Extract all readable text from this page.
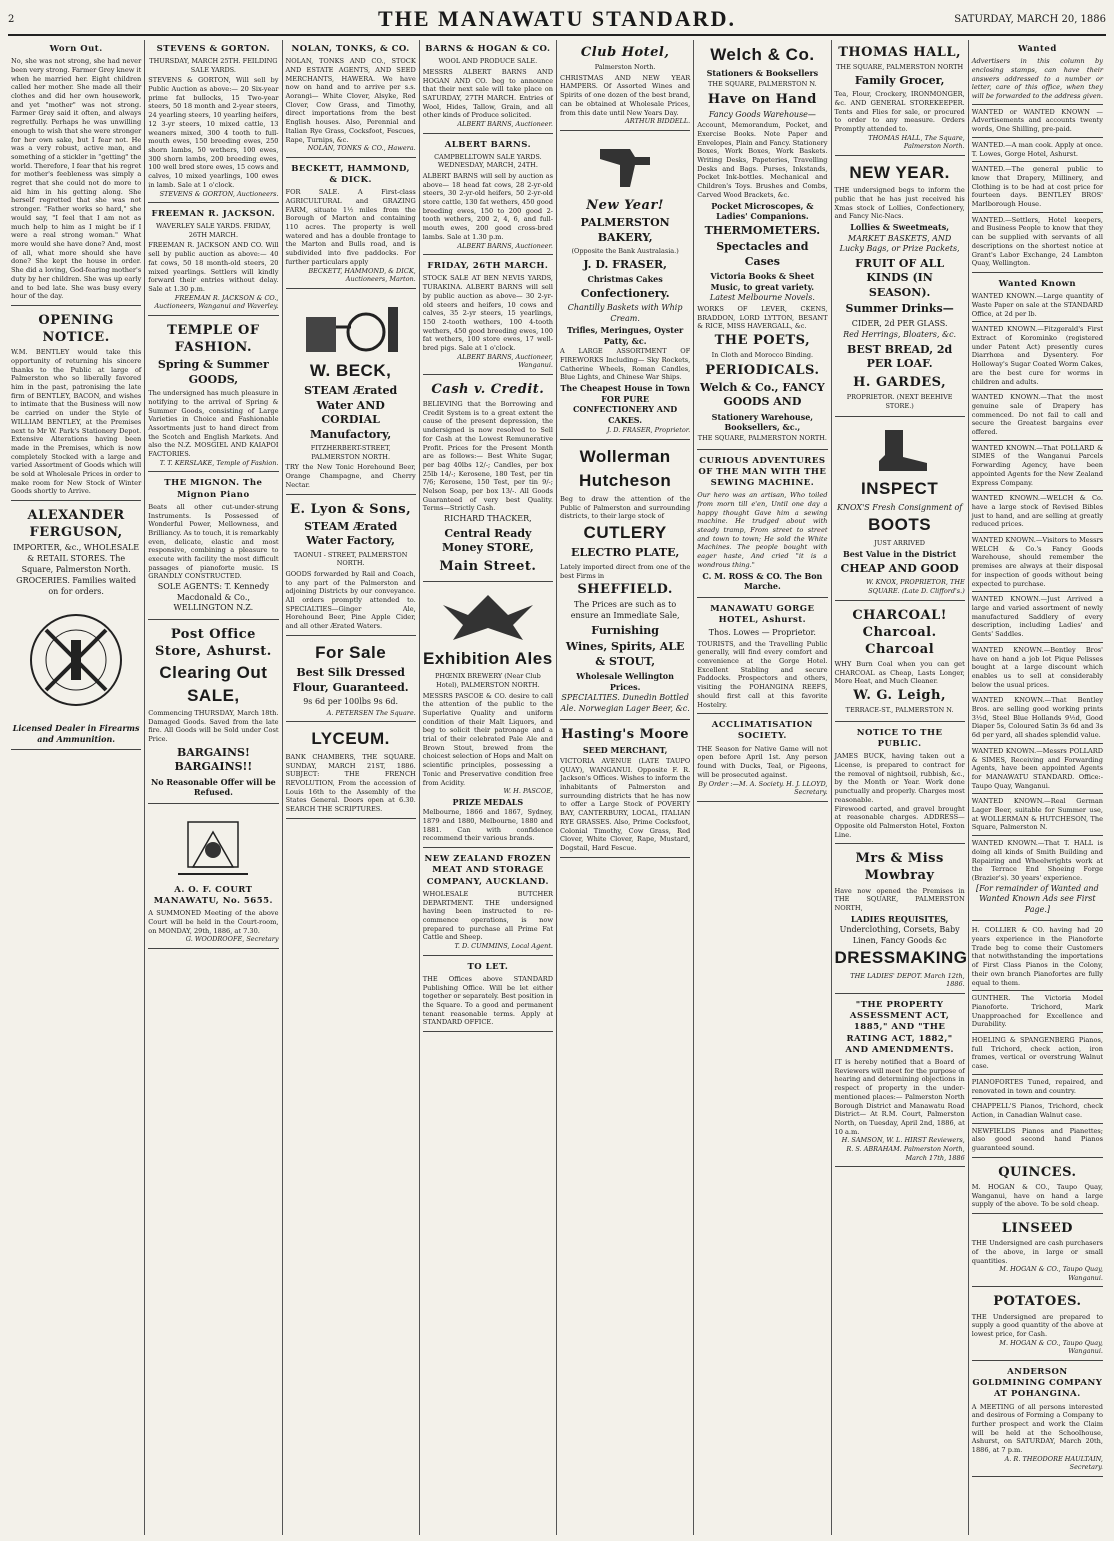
2	THE MANAWATU STANDARD.	SATURDAY, MARCH 20, 1886
Worn Out.
No, she was not strong, she had never been very strong. Farmer Grey knew it when he married her. Eight children called her mother. She made all their clothes and did her own housework, and yet "mother" was not strong. Farmer Grey said it often, and always regretfully. Perhaps he was unwilling enough to wish that she were stronger for her own sake, but I fear not. He was a very robust, active man, and something of a stickler in "getting" the world. Therefore, I fear that his regret for mother's feebleness was simply a regret that she could not do more to aid him in his getting along. She herself regretted that she was not stronger. "Father works so hard," she would say, "I feel that I am not as much help to him as I might be if I were a real strong woman." What more would she have done? And, most of all, what more should she have done? She kept the house in order. She did a loving, God-fearing mother's duty by her children. She was up early and to bed late. She was busy every hour of the day.
OPENING NOTICE.
W.M. BENTLEY would take this opportunity of returning his sincere thanks to the Public at large of Palmerston who so liberally favored him in the past, patronising the late firm of BENTLEY, BACON, and wishes to intimate that the Business will now be carried on under the Style of WILLIAM BENTLEY, at the Premises next to Mr W. Park's Stationery Depot. Extensive Alterations having been made in the Premises, which is now completely Stocked with a large and varied Assortment of Goods which will be sold at Wholesale Prices in order to make room for New Stock of Winter Goods shortly to Arrive.
ALEXANDER FERGUSON,
IMPORTER, &c., WHOLESALE & RETAIL STORES. The Square, Palmerston North.
GROCERIES. Families waited on for orders.
Licensed Dealer in Firearms and Ammunition.
STEVENS & GORTON.
THURSDAY, MARCH 25TH. FEILDING SALE YARDS.
STEVENS & GORTON, Will sell by Public Auction as above:— 20 Six-year prime fat bullocks, 15 Two-year steers, 50 18 month and 2-year steers, 24 yearling steers, 10 yearling heifers, 12 3-yr steers, 10 mixed cattle, 13 weaners mixed, 300 4 tooth to full-mouth ewes, 150 breeding ewes, 250 shorn lambs, 50 wethers, 100 ewes, 300 shorn lambs, 200 breeding ewes, 100 well bred store ewes, 15 cows and calves, 10 mixed yearlings, 100 ewes in lamb. Sale at 1 o'clock.
STEVENS & GORTON, Auctioneers.
FREEMAN R. JACKSON.
WAVERLEY SALE YARDS. FRIDAY, 26TH MARCH.
FREEMAN R. JACKSON AND CO. Will sell by public auction as above:— 40 fat cows, 50 18 month-old steers, 20 mixed yearlings. Settlers will kindly forward their entries without delay. Sale at 1.30 p.m.
FREEMAN R. JACKSON & CO., Auctioneers, Wanganui and Waverley.
TEMPLE OF FASHION.
Spring & Summer GOODS,
The undersigned has much pleasure in notifying to the arrival of Spring & Summer Goods, consisting of Large Varieties in Choice and Fashionable Assortments just to hand direct from the Scotch and English Markets. And also the N.Z. MOSGIEL AND KAIAPOI FACTORIES.
T. T. KERSLAKE, Temple of Fashion.
THE MIGNON. The Mignon Piano
Beats all other cut-under-strung Instruments. Is Possessed of Wonderful Power, Mellowness, and Brilliancy. As to touch, it is remarkably even, delicate, elastic and most responsive, combining a pleasure to execute with facility the most difficult passages of pianoforte music. IS GRANDLY CONSTRUCTED.
SOLE AGENTS: T. Kennedy Macdonald & Co., WELLINGTON N.Z.
Post Office Store, Ashurst.
Clearing Out SALE,
Commencing THURSDAY, March 18th. Damaged Goods. Saved from the late fire. All Goods will be Sold under Cost Price.
BARGAINS! BARGAINS!!
No Reasonable Offer will be Refused.
A. O. F. COURT MANAWATU, No. 5655.
A SUMMONED Meeting of the above Court will be held in the Court-room, on MONDAY, 29th, 1886, at 7.30.
G. WOODROOFE, Secretary
NOLAN, TONKS, & CO.
NOLAN, TONKS AND CO., STOCK AND ESTATE AGENTS, AND SEED MERCHANTS, HAWERA. We have now on hand and to arrive per s.s. Aorangi— White Clover, Alsyke, Red Clover, Cow Grass, and Timothy, direct importations from the best English houses. Also, Perennial and Italian Rye Grass, Cocksfoot, Fescues, Rape, Turnips, &c.
NOLAN, TONKS & CO., Hawera.
BECKETT, HAMMOND, & DICK.
FOR SALE. A First-class AGRICULTURAL and GRAZING FARM, situate 1½ miles from the Borough of Marton and containing 110 acres. The property is well watered and has a double frontage to the Marton and Bulls road, and is subdivided into five paddocks. For further particulars apply
BECKETT, HAMMOND, & DICK, Auctioneers, Marton.
W. BECK,
STEAM Ærated Water AND CORDIAL Manufactory,
FITZHERBERT-STREET, PALMERSTON NORTH.
TRY the New Tonic Horehound Beer, Orange Champagne, and Cherry Nectar.
E. Lyon & Sons,
STEAM Ærated Water Factory,
TAONUI - STREET, PALMERSTON NORTH.
GOODS forwarded by Rail and Coach, to any part of the Palmerston and adjoining Districts by our conveyance. All orders promptly attended to. SPECIALTIES—Ginger Ale, Horehound Beer, Pine Apple Cider, and all other Ærated Waters.
For Sale
Best Silk Dressed Flour, Guaranteed.
9s 6d per 100lbs 9s 6d.
A. PETERSEN The Square.
LYCEUM.
BANK CHAMBERS, THE SQUARE. SUNDAY, MARCH 21ST, 1886. SUBJECT: THE FRENCH REVOLUTION, From the accession of Louis 16th to the Assembly of the States General. Doors open at 6.30. SEARCH THE SCRIPTURES.
BARNS & HOGAN & CO.
WOOL AND PRODUCE SALE.
MESSRS ALBERT BARNS AND HOGAN AND CO. beg to announce that their next sale will take place on SATURDAY, 27TH MARCH. Entries of Wool, Hides, Tallow, Grain, and all other kinds of Produce solicited.
ALBERT BARNS, Auctioneer.
ALBERT BARNS.
CAMPBELLTOWN SALE YARDS. WEDNESDAY, MARCH, 24TH.
ALBERT BARNS will sell by auction as above— 18 head fat cows, 28 2-yr-old steers, 30 2-yr-old heifers, 50 2-yr-old store cattle, 130 fat wethers, 450 good breeding ewes, 150 to 200 good 2-tooth wethers, 200 2, 4, 6, and full-mouth ewes, 200 good cross-bred lambs. Sale at 1.30 p.m.
ALBERT BARNS, Auctioneer.
FRIDAY, 26TH MARCH.
STOCK SALE AT BEN NEVIS YARDS, TURAKINA. ALBERT BARNS will sell by public auction as above— 30 2-yr-old steers and heifers, 10 cows and calves, 35 2-yr steers, 15 yearlings, 150 2-tooth wethers, 100 4-tooth wethers, 450 good breeding ewes, 100 fat wethers, 100 store ewes, 17 well-bred pigs. Sale at 1 o'clock.
ALBERT BARNS, Auctioneer, Wanganui.
Cash v. Credit.
BELIEVING that the Borrowing and Credit System is to a great extent the cause of the present depression, the undersigned is now resolved to Sell for Cash at the Lowest Remunerative Profit. Prices for the Present Month are as follows:— Best White Sugar, per bag 40lbs 12/-; Candles, per box 25lb 14/-; Kerosene, 180 Test, per tin 7/6; Kerosene, 150 Test, per tin 9/-; Nelson Soap, per box 13/-. All Goods Guaranteed of very best Quality. Terms—Strictly Cash.
RICHARD THACKER,
Central Ready Money STORE,
Main Street.
Exhibition Ales
PHŒNIX BREWERY (Near Club Hotel), PALMERSTON NORTH.
MESSRS PASCOE & CO. desire to call the attention of the public to the Superlative Quality and uniform condition of their Malt Liquors, and beg to solicit their patronage and a trial of their celebrated Pale Ale and Brown Stout, brewed from the choicest selection of Hops and Malt on scientific principles, possessing a Tonic and Preservative condition free from Acidity.
W. H. PASCOE,
PRIZE MEDALS
Melbourne, 1866 and 1867, Sydney, 1879 and 1880, Melbourne, 1880 and 1881. Can with confidence recommend their various brands.
NEW ZEALAND FROZEN MEAT AND STORAGE COMPANY, AUCKLAND.
WHOLESALE BUTCHER DEPARTMENT. THE undersigned having been instructed to re-commence operations, is now prepared to purchase all Prime Fat Cattle and Sheep.
T. D. CUMMINS, Local Agent.
TO LET.
THE Offices above STANDARD Publishing Office. Will be let either together or separately. Best position in the Square. To a good and permanent tenant reasonable terms. Apply at STANDARD OFFICE.
Club Hotel,
Palmerston North.
CHRISTMAS AND NEW YEAR HAMPERS. Of Assorted Wines and Spirits of one dozen of the best brand, can be obtained at Wholesale Prices, from this date until New Years Day.
ARTHUR BIDDELL.
New Year!
PALMERSTON BAKERY,
(Opposite the Bank Australasia.)
J. D. FRASER,
Christmas Cakes
Confectionery.
Chantilly Baskets with Whip Cream.
Trifles, Meringues, Oyster Patty, &c.
A LARGE ASSORTMENT OF FIREWORKS Including— Sky Rockets, Catherine Wheels, Roman Candles, Blue Lights, and Chinese War Ships.
The Cheapest House in Town FOR PURE CONFECTIONERY AND CAKES.
J. D. FRASER, Proprietor.
Wollerman
Hutcheson
Beg to draw the attention of the Public of Palmerston and surrounding districts, to their large stock of
CUTLERY
ELECTRO PLATE,
Lately imported direct from one of the best Firms in
SHEFFIELD.
The Prices are such as to ensure an Immediate Sale,
Furnishing
Wines, Spirits, ALE & STOUT,
Wholesale Wellington Prices.
SPECIALTIES. Dunedin Bottled Ale. Norwegian Lager Beer, &c.
Hasting's Moore
SEED MERCHANT,
VICTORIA AVENUE (LATE TAUPO QUAY), WANGANUI. Opposite F. R. Jackson's Offices. Wishes to inform the inhabitants of Palmerston and surrounding districts that he has now to offer a Large Stock of POVERTY BAY, CANTERBURY, LOCAL, ITALIAN RYE GRASSES. Also, Prime Cocksfoot, Colonial Timothy, Cow Grass, Red Clover, White Clover, Rape, Mustard, Dogstail, Hard Fescue.
Welch & Co.
Stationers & Booksellers
THE SQUARE, PALMERSTON N.
Have on Hand
Fancy Goods Warehouse—
Account, Memorandum, Pocket, and Exercise Books. Note Paper and Envelopes, Plain and Fancy. Stationery Boxes, Work Boxes, Work Baskets. Writing Desks, Papeteries, Travelling Desks and Bags. Purses, Inkstands, Pocket Ink-bottles. Mechanical and Children's Toys. Brushes and Combs, Carved Wood Brackets, &c.
Pocket Microscopes, & Ladies' Companions.
THERMOMETERS.
Spectacles and Cases
Victoria Books & Sheet Music, to great variety.
Latest Melbourne Novels.
WORKS OF LEVER, CKENS, BRADDON, LORD LYTTON, BESANT & RICE, MISS HAVERGALL, &c.
THE POETS,
In Cloth and Morocco Binding.
PERIODICALS.
Welch & Co., FANCY GOODS AND
Stationery Warehouse, Booksellers, &c.,
THE SQUARE, PALMERSTON NORTH.
CURIOUS ADVENTURES OF THE MAN WITH THE SEWING MACHINE.
Our hero was an artisan, Who toiled from morn till e'en, Until one day a happy thought Gave him a sewing machine. He trudged about with steady tramp, From street to street and town to town; He sold the White Machines. The people bought with eager haste, And cried "it is a wondrous thing."
C. M. ROSS & CO. The Bon Marche.
MANAWATU GORGE HOTEL, Ashurst.
Thos. Lowes — Proprietor.
TOURISTS, and the Travelling Public generally, will find every comfort and convenience at the Gorge Hotel. Excellent Stabling and secure Paddocks. Prospectors and others, visiting the POHANGINA REEFS, should first call at this favorite Hostelry.
ACCLIMATISATION SOCIETY.
THE Season for Native Game will not open before April 1st. Any person found with Ducks, Teal, or Pigeons, will be prosecuted against.
By Order :—M. A. Society. H. J. LLOYD, Secretary.
THOMAS HALL,
THE SQUARE, PALMERSTON NORTH
Family Grocer,
Tea, Flour, Crockery, IRONMONGER, &c. AND GENERAL STOREKEEPER. Tents and Flies for sale, or procured to order to any measure. Orders Promptly attended to.
THOMAS HALL, The Square, Palmerston North.
NEW YEAR.
THE undersigned begs to inform the public that he has just received his Xmas stock of Lollies, Confectionery, and Fancy Nic-Nacs.
Lollies & Sweetmeats,
MARKET BASKETS, AND Lucky Bags, or Prize Packets,
FRUIT OF ALL KINDS (IN SEASON).
Summer Drinks—
CIDER, 2d PER GLASS.
Red Herrings, Bloaters, &c.
BEST BREAD, 2d PER LOAF.
H. GARDES,
PROPRIETOR. (NEXT BEEHIVE STORE.)
INSPECT
KNOX'S Fresh Consignment of
BOOTS
JUST ARRIVED
Best Value in the District
CHEAP AND GOOD
W. KNOX, PROPRIETOR, THE SQUARE. (Late D. Clifford's.)
CHARCOAL! Charcoal. Charcoal
WHY Burn Coal when you can get CHARCOAL as Cheap, Lasts Longer, More Heat, and Much Cleaner.
W. G. Leigh,
TERRACE-ST., PALMERSTON N.
NOTICE TO THE PUBLIC.
JAMES BUCK, having taken out a License, is prepared to contract for the removal of nightsoil, rubbish, &c., by the Month or Year. Work done punctually and properly. Charges most reasonable.
Firewood carted, and gravel brought at reasonable charges. ADDRESS—Opposite old Palmerston Hotel, Foxton Line.
Mrs & Miss Mowbray
Have now opened the Premises in THE SQUARE, PALMERSTON NORTH,
LADIES REQUISITES,
Underclothing, Corsets, Baby Linen, Fancy Goods &c
DRESSMAKING
THE LADIES' DEPOT. March 12th, 1886.
"THE PROPERTY ASSESSMENT ACT, 1885," AND "THE RATING ACT, 1882," AND AMENDMENTS.
IT is hereby notified that a Board of Reviewers will meet for the purpose of hearing and determining objections in respect of property in the under-mentioned places:— Palmerston North Borough District and Manawatu Road District— At R.M. Court, Palmerston North, on Tuesday, April 2nd, 1886, at 10 a.m.
H. SAMSON, W. L. HIRST Reviewers, R. S. ABRAHAM. Palmerston North, March 17th, 1886
Wanted
Advertisers in this column by enclosing stamps, can have their answers addressed to a number or letter, care of this office, when they will be forwarded to the address given.
WANTED or WANTED KNOWN —Advertisements and accounts twenty words, One Shilling, pre-paid.
WANTED.—A man cook. Apply at once. T. Lowes, Gorge Hotel, Ashurst.
WANTED.—The general public to know that Drapery, Millinery, and Clothing is to be had at cost price for fourteen days. BENTLEY BROS' Marlborough House.
WANTED.—Settlers, Hotel keepers, and Business People to know that they can be supplied with servants of all descriptions on the shortest notice at Grant's Labor Exchange, 24 Lambton Quay, Wellington.
Wanted Known
WANTED KNOWN.—Large quantity of Waste Paper on sale at the STANDARD Office, at 2d per lb.
WANTED KNOWN.—Fitzgerald's First Extract of Korominko (registered under Patent Act) presently cures Diarrhœa and Dysentery. For Holloway's Sugar Coated Worm Cakes, are the best cure for worms in children and adults.
WANTED KNOWN.—That the most genuine sale of Drapery has commenced. Do not fail to call and secure the Greatest bargains ever offered.
WANTED KNOWN.—That POLLARD & SIMES of the Wanganui Parcels Forwarding Agency, have been appointed Agents for the New Zealand Express Company.
WANTED KNOWN.—WELCH & Co. have a large stock of Revised Bibles just to hand, and are selling at greatly reduced prices.
WANTED KNOWN.—Visitors to Messrs WELCH & Co.'s Fancy Goods Warehouse, should remember the premises are always at their disposal for inspection of goods without being expected to purchase.
WANTED KNOWN.—Just Arrived a large and varied assortment of newly manufactured Saddlery of every description, including Ladies' and Gents' Saddles.
WANTED KNOWN.—Bentley Bros' have on hand a job lot Pique Pelisses bought at a large discount which enables us to sell at considerably below the usual prices.
WANTED KNOWN.—That Bentley Bros. are selling good working prints 3½d, Steel Blue Hollands 9½d, Good Diaper 5s, Coloured Satin 3s 6d and 3s 6d per yard, all shades splendid value.
WANTED KNOWN.—Messrs POLLARD & SIMES, Receiving and Forwarding Agents, have been appointed Agents for MANAWATU STANDARD. Office:- Taupo Quay, Wanganui.
WANTED KNOWN.—Real German Lager Beer, suitable for Summer use, at WOLLERMAN & HUTCHESON, The Square, Palmerston N.
WANTED KNOWN.—That T. HALL is doing all kinds of Smith Building and Repairing and Wheelwrights work at the Terrace End Shoeing Forge (Brazier's). 30 years' experience.
[For remainder of Wanted and Wanted Known Ads see First Page.]
H. COLLIER & CO. having had 20 years experience in the Pianoforte Trade beg to come their Customers that notwithstanding the importations of First Class Pianos in the Colony, their own branch Pianofortes are fully equal to them.
GUNTHER. The Victoria Model Pianoforte. Trichord, Mark Unapproached for Excellence and Durability.
HOELING & SPANGENBERG Pianos, full Trichord, check action, iron frames, vertical or overstrung Walnut case.
PIANOFORTES Tuned, repaired, and renovated in town and country.
CHAPPELL'S Pianos, Trichord, check Action, in Canadian Walnut case.
NEWFIELDS Pianos and Pianettes; also good second hand Pianos guaranteed sound.
QUINCES.
M. HOGAN & CO., Taupo Quay, Wanganui, have on hand a large supply of the above. To be sold cheap.
LINSEED
THE Undersigned are cash purchasers of the above, in large or small quantities.
M. HOGAN & CO., Taupo Quay, Wanganui.
POTATOES.
THE Undersigned are prepared to supply a good quantity of the above at lowest price, for Cash.
M. HOGAN & CO., Taupo Quay, Wanganui.
ANDERSON GOLDMINING COMPANY AT POHANGINA.
A MEETING of all persons interested and desirous of Forming a Company to further prospect and work the Claim will be held at the Schoolhouse, Ashurst, on SATURDAY, March 20th, 1886, at 7 p.m.
A. R. THEODORE HAULTAIN, Secretary.
